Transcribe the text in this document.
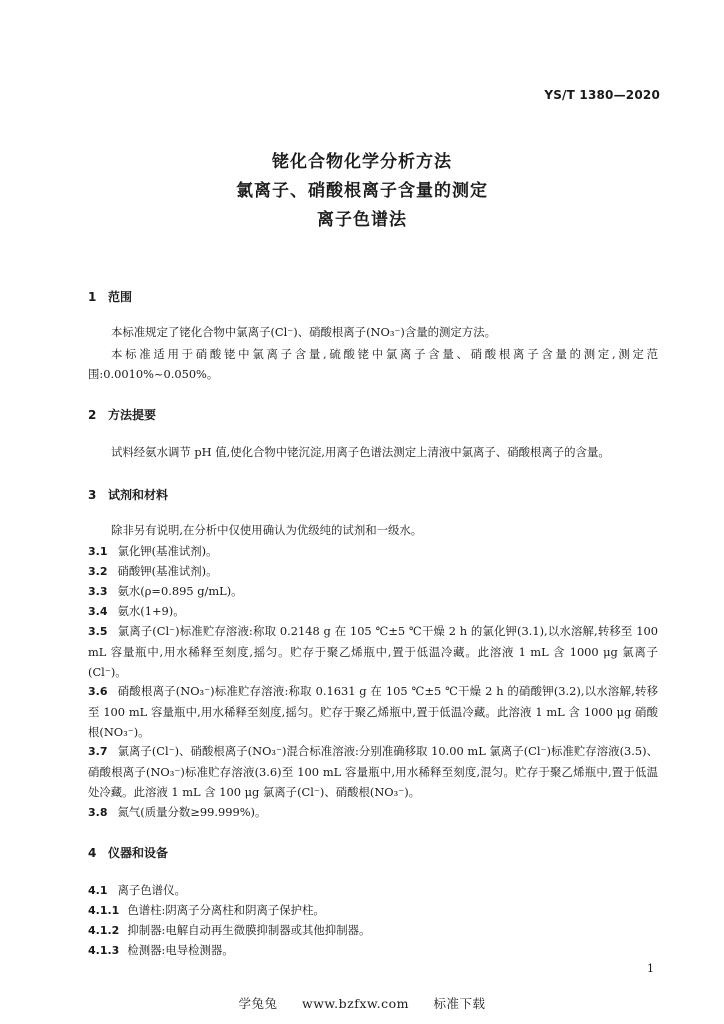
YS/T 1380—2020
铑化合物化学分析方法
氯离子、硝酸根离子含量的测定
离子色谱法
1 范围
本标准规定了铑化合物中氯离子(Cl⁻)、硝酸根离子(NO₃⁻)含量的测定方法。
本标准适用于硝酸铑中氯离子含量,硫酸铑中氯离子含量、硝酸根离子含量的测定,测定范围:0.0010%~0.050%。
2 方法提要
试料经氨水调节 pH 值,使化合物中铑沉淀,用离子色谱法测定上清液中氯离子、硝酸根离子的含量。
3 试剂和材料
除非另有说明,在分析中仅使用确认为优级纯的试剂和一级水。
3.1 氯化钾(基准试剂)。
3.2 硝酸钾(基准试剂)。
3.3 氨水(ρ=0.895 g/mL)。
3.4 氨水(1+9)。
3.5 氯离子(Cl⁻)标准贮存溶液:称取 0.2148 g 在 105 ℃±5 ℃干燥 2 h 的氯化钾(3.1),以水溶解,转移至 100 mL 容量瓶中,用水稀释至刻度,摇匀。贮存于聚乙烯瓶中,置于低温冷藏。此溶液 1 mL 含 1000 μg 氯离子(Cl⁻)。
3.6 硝酸根离子(NO₃⁻)标准贮存溶液:称取 0.1631 g 在 105 ℃±5 ℃干燥 2 h 的硝酸钾(3.2),以水溶解,转移至 100 mL 容量瓶中,用水稀释至刻度,摇匀。贮存于聚乙烯瓶中,置于低温冷藏。此溶液 1 mL 含 1000 μg 硝酸根(NO₃⁻)。
3.7 氯离子(Cl⁻)、硝酸根离子(NO₃⁻)混合标准溶液:分别准确移取 10.00 mL 氯离子(Cl⁻)标准贮存溶液(3.5)、硝酸根离子(NO₃⁻)标准贮存溶液(3.6)至 100 mL 容量瓶中,用水稀释至刻度,混匀。贮存于聚乙烯瓶中,置于低温处冷藏。此溶液 1 mL 含 100 μg 氯离子(Cl⁻)、硝酸根(NO₃⁻)。
3.8 氮气(质量分数≥99.999%)。
4 仪器和设备
4.1 离子色谱仪。
4.1.1 色谱柱:阴离子分离柱和阴离子保护柱。
4.1.2 抑制器:电解自动再生微膜抑制器或其他抑制器。
4.1.3 检测器:电导检测器。
1
学兔兔 www.bzfxw.com 标准下载
